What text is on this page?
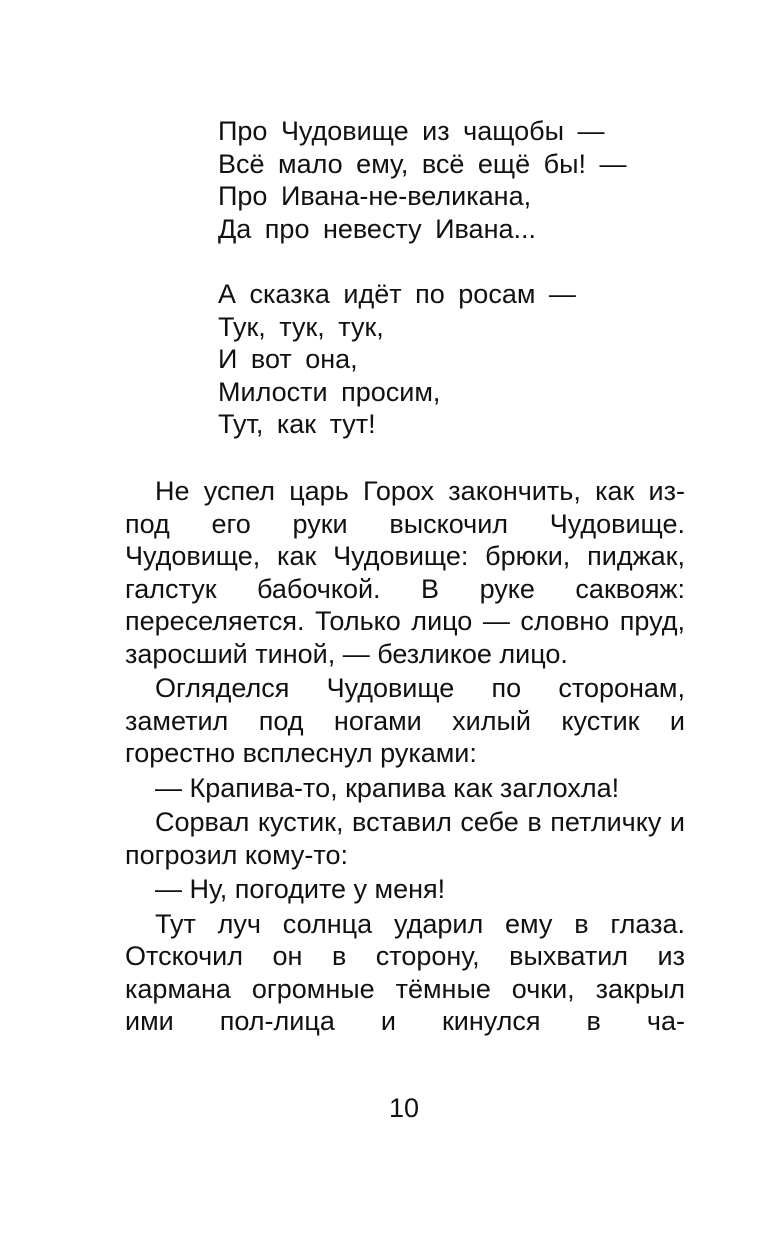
Про Чудовище из чащобы —
Всё мало ему, всё ещё бы! —
Про Ивана-не-великана,
Да про невесту Ивана...
А сказка идёт по росам —
Тук, тук, тук,
И вот она,
Милости просим,
Тут, как тут!

Не успел царь Горох закончить, как из-под его руки выскочил Чудовище. Чудовище, как Чудовище: брюки, пиджак, галстук бабочкой. В руке саквояж: переселяется. Только лицо — словно пруд, заросший тиной, — безликое лицо.

Огляделся Чудовище по сторонам, заметил под ногами хилый кустик и горестно всплеснул руками:

— Крапива-то, крапива как заглохла!

Сорвал кустик, вставил себе в петличку и погрозил кому-то:

— Ну, погодите у меня!

Тут луч солнца ударил ему в глаза. Отскочил он в сторону, выхватил из кармана огромные тёмные очки, закрыл ими пол-лица и кинулся в ча-

10
